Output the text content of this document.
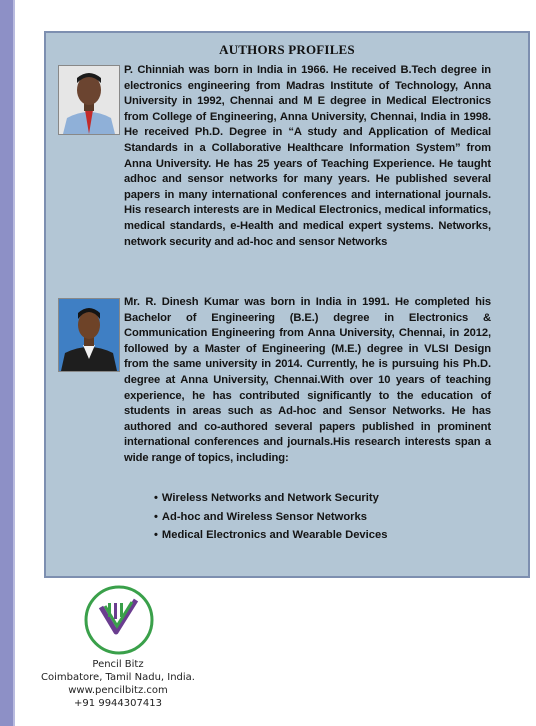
AUTHORS PROFILES
P. Chinniah was born in India in 1966. He received B.Tech degree in electronics engineering from Madras Institute of Technology, Anna University in 1992, Chennai and M E degree in Medical Electronics from College of Engineering, Anna University, Chennai, India in 1998. He received Ph.D. Degree in “A study and Application of Medical Standards in a Collaborative Healthcare Information System” from Anna University. He has 25 years of Teaching Experience. He taught adhoc and sensor networks for many years. He published several papers in many international conferences and international journals. His research interests are in Medical Electronics, medical informatics, medical standards, e-Health and medical expert systems. Networks, network security and ad-hoc and sensor Networks
Mr. R. Dinesh Kumar was born in India in 1991. He completed his Bachelor of Engineering (B.E.) degree in Electronics & Communication Engineering from Anna University, Chennai, in 2012, followed by a Master of Engineering (M.E.) degree in VLSI Design from the same university in 2014. Currently, he is pursuing his Ph.D. degree at Anna University, Chennai.With over 10 years of teaching experience, he has contributed significantly to the education of students in areas such as Ad-hoc and Sensor Networks. He has authored and co-authored several papers published in prominent international conferences and journals.His research interests span a wide range of topics, including:
• Wireless Networks and Network Security
• Ad-hoc and Wireless Sensor Networks
• Medical Electronics and Wearable Devices
Pencil Bitz
Coimbatore, Tamil Nadu, India.
www.pencilbitz.com
+91 9944307413
